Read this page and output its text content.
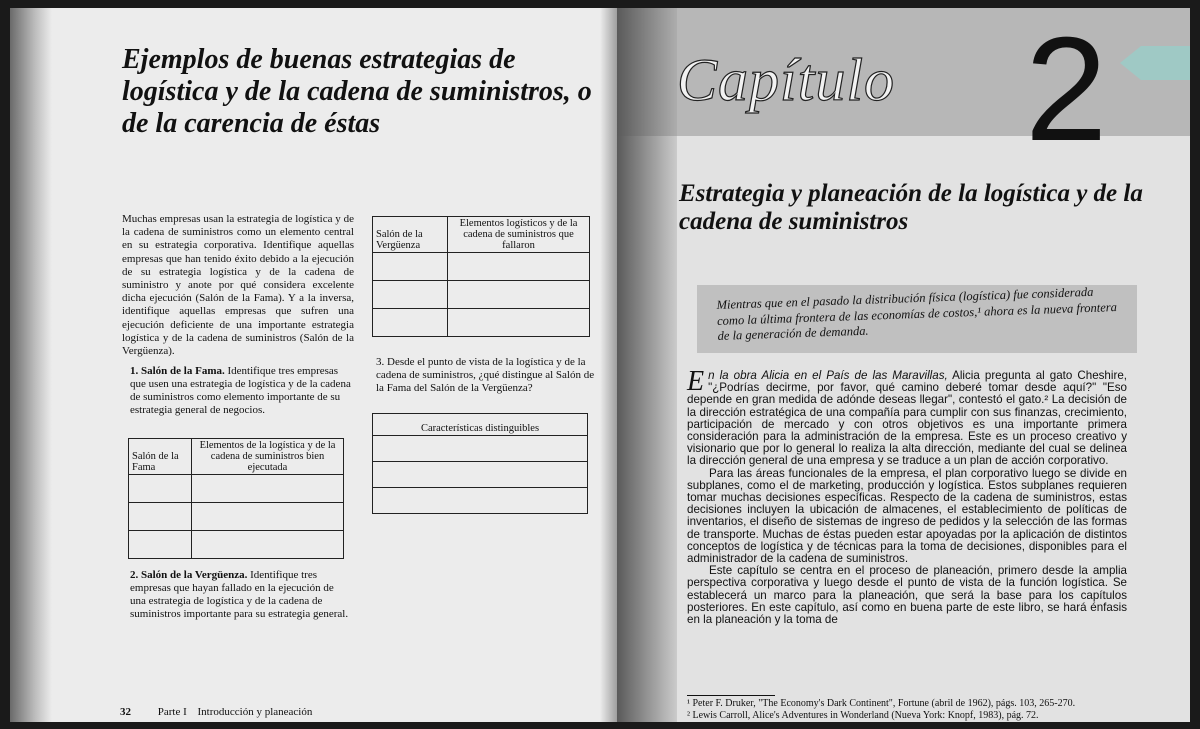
Ejemplos de buenas estrategias de logística y de la cadena de suministros, o de la carencia de éstas
Muchas empresas usan la estrategia de logística y de la cadena de suministros como un elemento central en su estrategia corporativa. Identifique aquellas empresas que han tenido éxito debido a la ejecución de su estrategia logística y de la cadena de suministro y anote por qué considera excelente dicha ejecución (Salón de la Fama). Y a la inversa, identifique aquellas empresas que sufren una ejecución deficiente de una importante estrategia logística y de la cadena de suministros (Salón de la Vergüenza).
1. Salón de la Fama. Identifique tres empresas que usen una estrategia de logística y de la cadena de suministros como elemento importante de su estrategia general de negocios.
Salón de la Fama	Elementos de la logística y de la cadena de suministros bien ejecutada

2. Salón de la Vergüenza. Identifique tres empresas que hayan fallado en la ejecución de una estrategia de logística y de la cadena de suministros importante para su estrategia general.
Salón de la Vergüenza	Elementos logísticos y de la cadena de suministros que fallaron

3. Desde el punto de vista de la logística y de la cadena de suministros, ¿qué distingue al Salón de la Fama del Salón de la Vergüenza?
Características distinguibles

32 Parte I Introducción y planeación
Capítulo 2
Estrategia y planeación de la logística y de la cadena de suministros
Mientras que en el pasado la distribución física (logística) fue considerada como la última frontera de las economías de costos,¹ ahora es la nueva frontera de la generación de demanda.

En la obra Alicia en el País de las Maravillas, Alicia pregunta al gato Cheshire, "¿Podrías decirme, por favor, qué camino deberé tomar desde aquí?" "Eso depende en gran medida de adónde deseas llegar", contestó el gato.² La decisión de la dirección estratégica de una compañía para cumplir con sus finanzas, crecimiento, participación de mercado y con otros objetivos es una importante primera consideración para la administración de la empresa. Este es un proceso creativo y visionario que por lo general lo realiza la alta dirección, mediante del cual se delinea la dirección general de una empresa y se traduce a un plan de acción corporativo.

Para las áreas funcionales de la empresa, el plan corporativo luego se divide en subplanes, como el de marketing, producción y logística. Estos subplanes requieren tomar muchas decisiones específicas. Respecto de la cadena de suministros, estas decisiones incluyen la ubicación de almacenes, el establecimiento de políticas de inventarios, el diseño de sistemas de ingreso de pedidos y la selección de las formas de transporte. Muchas de éstas pueden estar apoyadas por la aplicación de distintos conceptos de logística y de técnicas para la toma de decisiones, disponibles para el administrador de la cadena de suministros.

Este capítulo se centra en el proceso de planeación, primero desde la amplia perspectiva corporativa y luego desde el punto de vista de la función logística. Se establecerá un marco para la planeación, que será la base para los capítulos posteriores. En este capítulo, así como en buena parte de este libro, se hará énfasis en la planeación y la toma de

¹ Peter F. Druker, "The Economy's Dark Continent", Fortune (abril de 1962), págs. 103, 265-270.
² Lewis Carroll, Alice's Adventures in Wonderland (Nueva York: Knopf, 1983), pág. 72.
